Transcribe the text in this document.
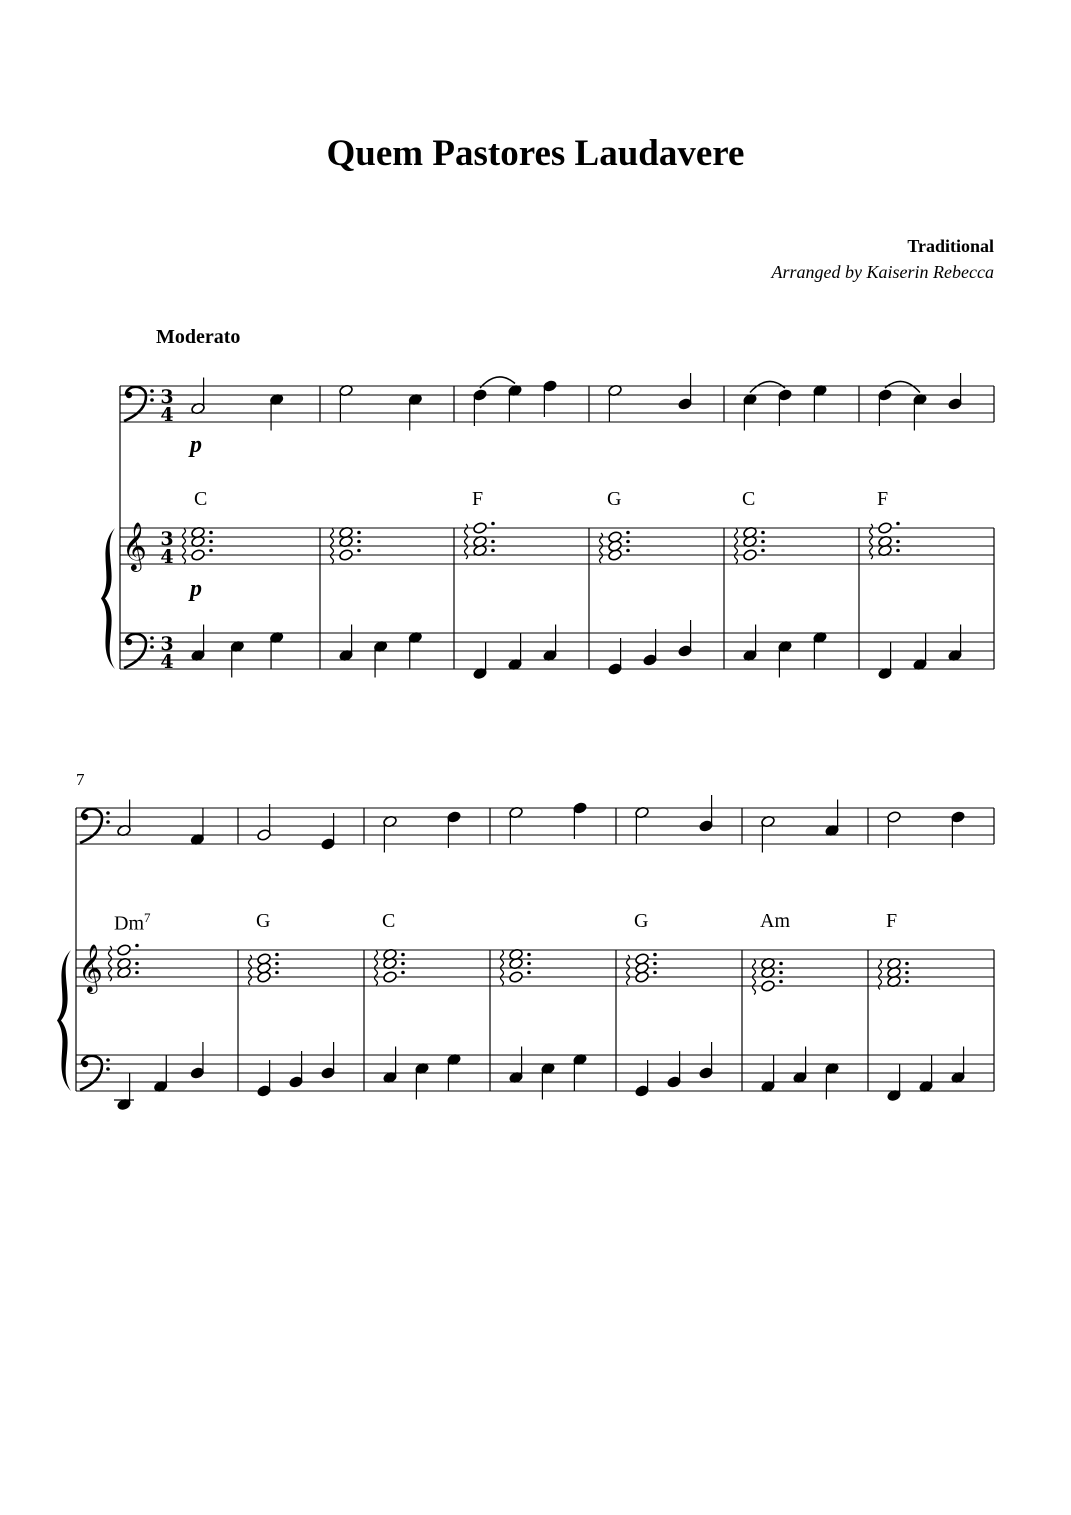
Quem Pastores Laudavere
Traditional
Arranged by Kaiserin Rebecca
Moderato
7
p
p
C	F	G	C	F
Dm$^7$	G	C	G	Am	F
𝄞
3
4
3
4
3
4
𝄞
